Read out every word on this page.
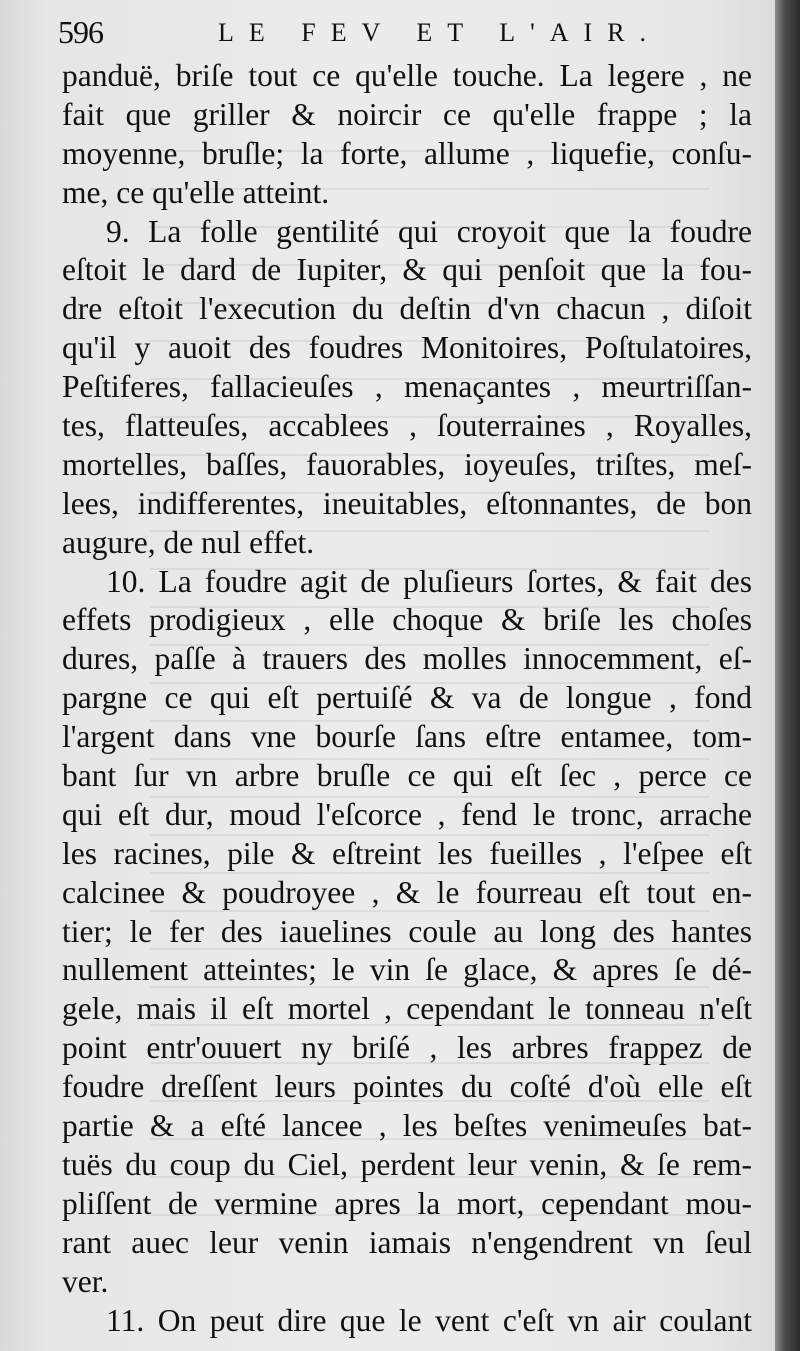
596	LE FEV ET L'AIR.
panduë, briſe tout ce qu'elle touche. La legere , ne
fait que griller & noircir ce qu'elle frappe ; la
moyenne, bruſle; la forte, allume , liquefie, conſu-
me, ce qu'elle atteint.
9. La folle gentilité qui croyoit que la foudre
eſtoit le dard de Iupiter, & qui penſoit que la fou-
dre eſtoit l'execution du deſtin d'vn chacun , diſoit
qu'il y auoit des foudres Monitoires, Poſtulatoires,
Peſtiferes, fallacieuſes , menaçantes , meurtriſſan-
tes, flatteuſes, accablees , ſouterraines , Royalles,
mortelles, baſſes, fauorables, ioyeuſes, triſtes, meſ-
lees, indifferentes, ineuitables, eſtonnantes, de bon
augure, de nul effet.
10. La foudre agit de pluſieurs ſortes, & fait des
effets prodigieux , elle choque & briſe les choſes
dures, paſſe à trauers des molles innocemment, eſ-
pargne ce qui eſt pertuiſé & va de longue , fond
l'argent dans vne bourſe ſans eſtre entamee, tom-
bant ſur vn arbre bruſle ce qui eſt ſec , perce ce
qui eſt dur, moud l'eſcorce , fend le tronc, arrache
les racines, pile & eſtreint les fueilles , l'eſpee eſt
calcinee & poudroyee , & le fourreau eſt tout en-
tier; le fer des iauelines coule au long des hantes
nullement atteintes; le vin ſe glace, & apres ſe dé-
gele, mais il eſt mortel , cependant le tonneau n'eſt
point entr'ouuert ny briſé , les arbres frappez de
foudre dreſſent leurs pointes du coſté d'où elle eſt
partie & a eſté lancee , les beſtes venimeuſes bat-
tuës du coup du Ciel, perdent leur venin, & ſe rem-
pliſſent de vermine apres la mort, cependant mou-
rant auec leur venin iamais n'engendrent vn ſeul
ver.
11. On peut dire que le vent c'eſt vn air coulant
